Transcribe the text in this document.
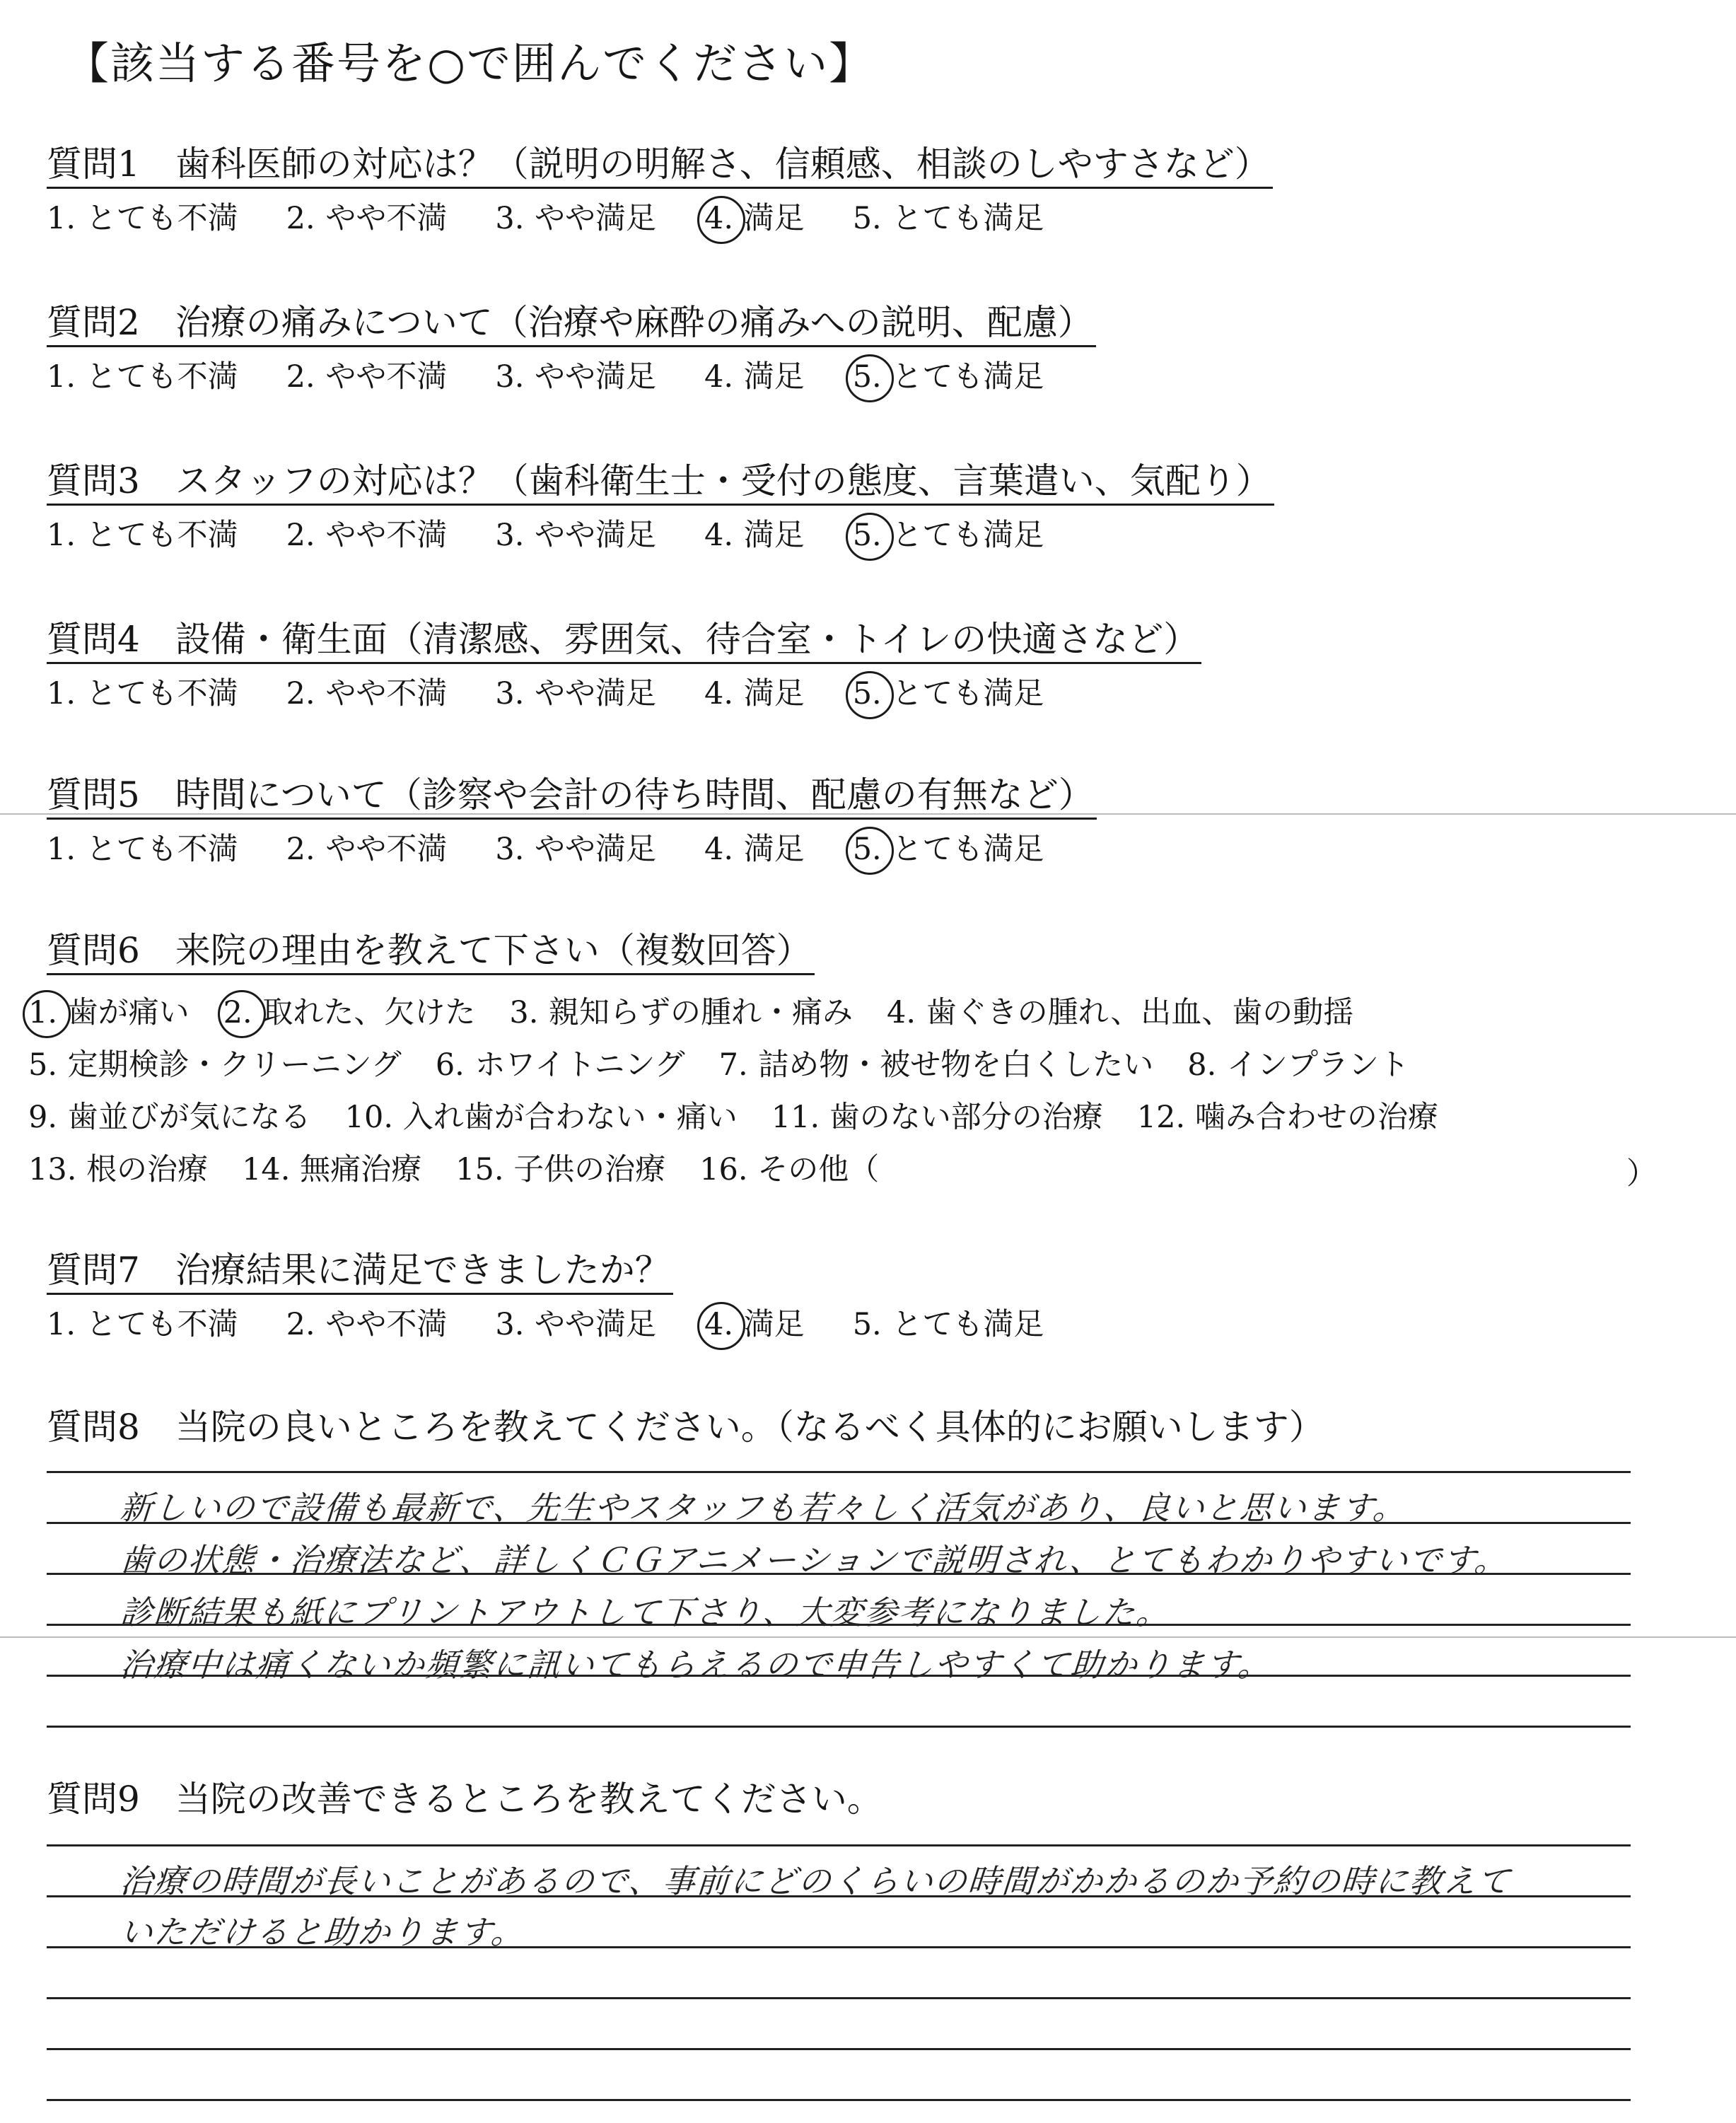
【該当する番号を○で囲んでください】
質問1　 歯科医師の対応は？（説明の明解さ、信頼感、相談のしやすさなど）
1. とても不満 2. やや不満 3. やや満足 4. 満足 5. とても満足
質問2　 治療の痛みについて（治療や麻酔の痛みへの説明、配慮）
1. とても不満 2. やや不満 3. やや満足 4. 満足 5. とても満足
質問3　 スタッフの対応は？（歯科衛生士・受付の態度、言葉遣い、気配り）
1. とても不満 2. やや不満 3. やや満足 4. 満足 5. とても満足
質問4　 設備・衛生面（清潔感、雰囲気、待合室・トイレの快適さなど）
1. とても不満 2. やや不満 3. やや満足 4. 満足 5. とても満足
質問5　 時間について（診察や会計の待ち時間、配慮の有無など）
1. とても不満 2. やや不満 3. やや満足 4. 満足 5. とても満足
質問6　 来院の理由を教えて下さい（複数回答）
1. 歯が痛い 2. 取れた、欠けた 3. 親知らずの腫れ・痛み 4. 歯ぐきの腫れ、出血、歯の動揺
5. 定期検診・クリーニング 6. ホワイトニング 7. 詰め物・被せ物を白くしたい 8. インプラント
9. 歯並びが気になる 10. 入れ歯が合わない・痛い 11. 歯のない部分の治療 12. 噛み合わせの治療
13. 根の治療 14. 無痛治療 15. 子供の治療 16. その他（	）
質問7　 治療結果に満足できましたか？
1. とても不満 2. やや不満 3. やや満足 4. 満足 5. とても満足
質問8　 当院の良いところを教えてください。（なるべく具体的にお願いします）
新しいので設備も最新で、先生やスタッフも若々しく活気があり、良いと思います。
歯の状態・治療法など、詳しくＣＧアニメーションで説明され、とてもわかりやすいです。
診断結果も紙にプリントアウトして下さり、大変参考になりました。
治療中は痛くないか頻繁に訊いてもらえるので申告しやすくて助かります。
質問9　 当院の改善できるところを教えてください。
治療の時間が長いことがあるので、事前にどのくらいの時間がかかるのか予約の時に教えて
いただけると助かります。
